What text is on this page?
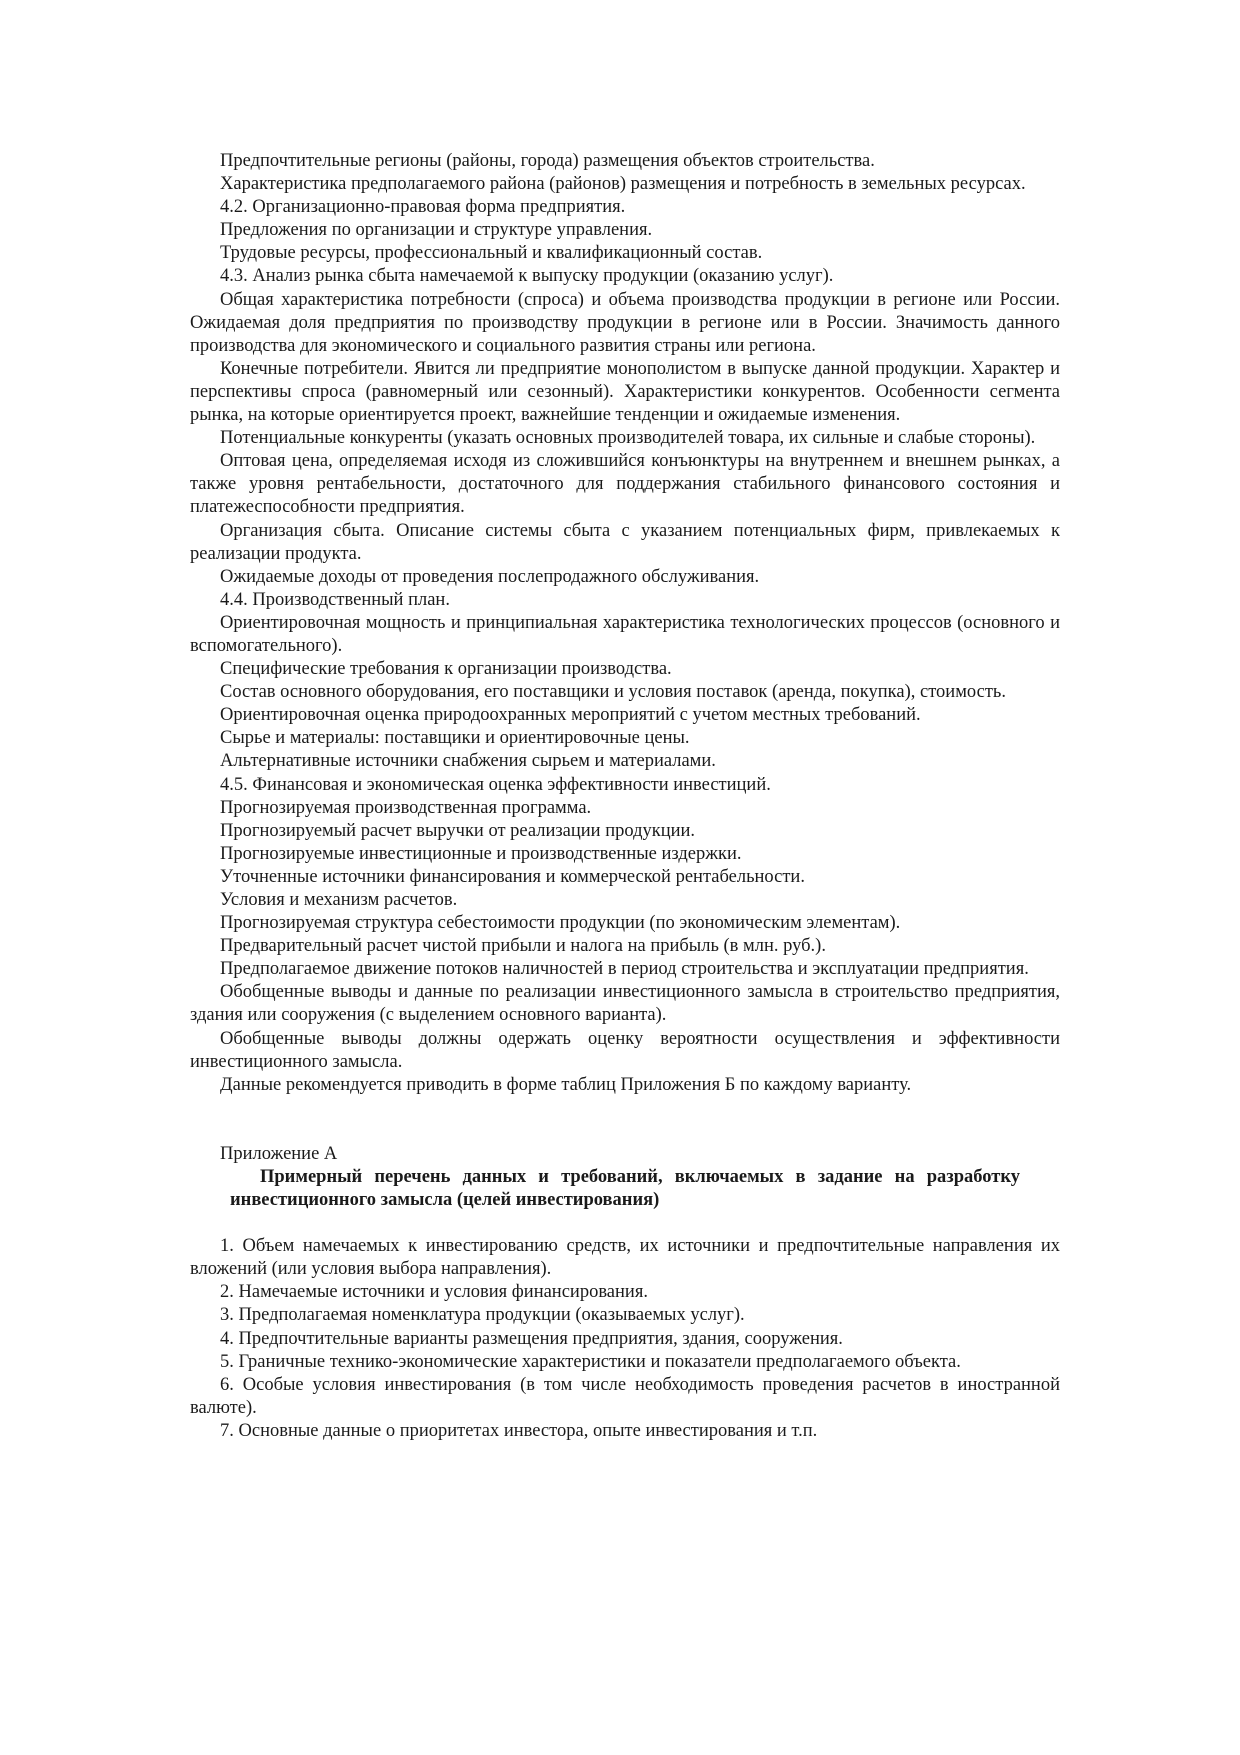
Предпочтительные регионы (районы, города) размещения объектов строительства.

Характеристика предполагаемого района (районов) размещения и потребность в земельных ресурсах.

4.2. Организационно-правовая форма предприятия.

Предложения по организации и структуре управления.

Трудовые ресурсы, профессиональный и квалификационный состав.

4.3. Анализ рынка сбыта намечаемой к выпуску продукции (оказанию услуг).

Общая характеристика потребности (спроса) и объема производства продукции в регионе или России. Ожидаемая доля предприятия по производству продукции в регионе или в России. Значимость данного производства для экономического и социального развития страны или региона.

Конечные потребители. Явится ли предприятие монополистом в выпуске данной продукции. Характер и перспективы спроса (равномерный или сезонный). Характеристики конкурентов. Особенности сегмента рынка, на которые ориентируется проект, важнейшие тенденции и ожидаемые изменения.

Потенциальные конкуренты (указать основных производителей товара, их сильные и слабые стороны).

Оптовая цена, определяемая исходя из сложившийся конъюнктуры на внутреннем и внешнем рынках, а также уровня рентабельности, достаточного для поддержания стабильного финансового состояния и платежеспособности предприятия.

Организация сбыта. Описание системы сбыта с указанием потенциальных фирм, привлекаемых к реализации продукта.

Ожидаемые доходы от проведения послепродажного обслуживания.

4.4. Производственный план.

Ориентировочная мощность и принципиальная характеристика технологических процессов (основного и вспомогательного).

Специфические требования к организации производства.

Состав основного оборудования, его поставщики и условия поставок (аренда, покупка), стоимость.

Ориентировочная оценка природоохранных мероприятий с учетом местных требований.

Сырье и материалы: поставщики и ориентировочные цены.

Альтернативные источники снабжения сырьем и материалами.

4.5. Финансовая и экономическая оценка эффективности инвестиций.

Прогнозируемая производственная программа.

Прогнозируемый расчет выручки от реализации продукции.

Прогнозируемые инвестиционные и производственные издержки.

Уточненные источники финансирования и коммерческой рентабельности.

Условия и механизм расчетов.

Прогнозируемая структура себестоимости продукции (по экономическим элементам).

Предварительный расчет чистой прибыли и налога на прибыль (в млн. руб.).

Предполагаемое движение потоков наличностей в период строительства и эксплуатации предприятия.

Обобщенные выводы и данные по реализации инвестиционного замысла в строительство предприятия, здания или сооружения (с выделением основного варианта).

Обобщенные выводы должны одержать оценку вероятности осуществления и эффективности инвестиционного замысла.

Данные рекомендуется приводить в форме таблиц Приложения Б по каждому варианту.

Приложение А

Примерный перечень данных и требований, включаемых в задание на разработку инвестиционного замысла (целей инвестирования)

1. Объем намечаемых к инвестированию средств, их источники и предпочтительные направления их вложений (или условия выбора направления).

2. Намечаемые источники и условия финансирования.

3. Предполагаемая номенклатура продукции (оказываемых услуг).

4. Предпочтительные варианты размещения предприятия, здания, сооружения.

5. Граничные технико-экономические характеристики и показатели предполагаемого объекта.

6. Особые условия инвестирования (в том числе необходимость проведения расчетов в иностранной валюте).

7. Основные данные о приоритетах инвестора, опыте инвестирования и т.п.
